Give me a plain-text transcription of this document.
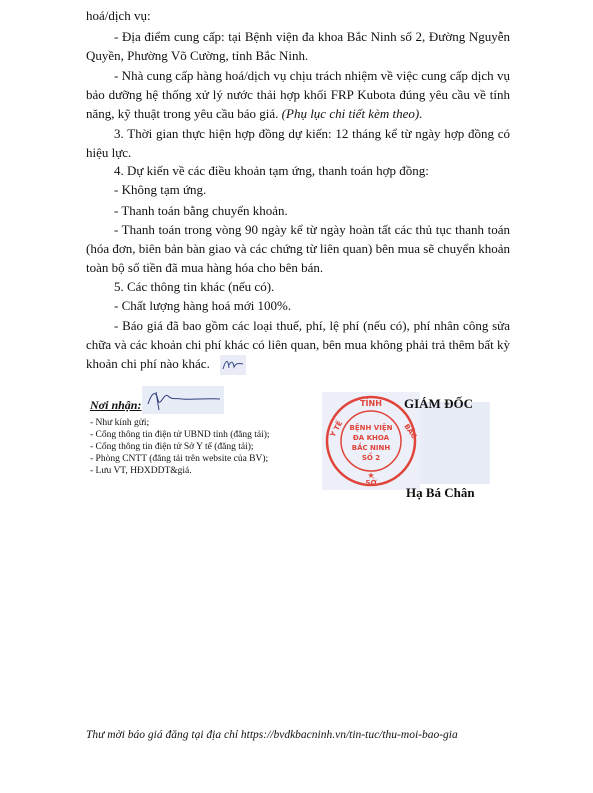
hoá/dịch vụ:

- Địa điểm cung cấp: tại Bệnh viện đa khoa Bắc Ninh số 2, Đường Nguyễn Quyền, Phường Võ Cường, tỉnh Bắc Ninh.

- Nhà cung cấp hàng hoá/dịch vụ chịu trách nhiệm về việc cung cấp dịch vụ bảo dưỡng hệ thống xử lý nước thải hợp khối FRP Kubota đúng yêu cầu về tính năng, kỹ thuật trong yêu cầu báo giá. (Phụ lục chi tiết kèm theo).

3. Thời gian thực hiện hợp đồng dự kiến: 12 tháng kể từ ngày hợp đồng có hiệu lực.

4. Dự kiến về các điều khoản tạm ứng, thanh toán hợp đồng:

- Không tạm ứng.

- Thanh toán bằng chuyển khoản.

- Thanh toán trong vòng 90 ngày kể từ ngày hoàn tất các thủ tục thanh toán (hóa đơn, biên bản bàn giao và các chứng từ liên quan) bên mua sẽ chuyển khoản toàn bộ số tiền đã mua hàng hóa cho bên bán.

5. Các thông tin khác (nếu có).

- Chất lượng hàng hoá mới 100%.

- Báo giá đã bao gồm các loại thuế, phí, lệ phí (nếu có), phí nhân công sửa chữa và các khoản chi phí khác có liên quan, bên mua không phải trả thêm bất kỳ khoản chi phí nào khác.

Nơi nhận:
- Như kính gửi;
- Cổng thông tin điện tử UBND tỉnh (đăng tải);
- Cổng thông tin điện tử Sở Y tế (đăng tải);
- Phòng CNTT (đăng tải trên website của BV);
- Lưu VT, HĐXDDT&giá.
TỈNH
Y TẾ	BẮC
SỞ
BỆNH VIỆN
ĐA KHOA
BẮC NINH
SỐ 2
★
GIÁM ĐỐC
Hạ Bá Chân
Thư mời báo giá đăng tại địa chỉ https://bvdkbacninh.vn/tin-tuc/thu-moi-bao-gia
